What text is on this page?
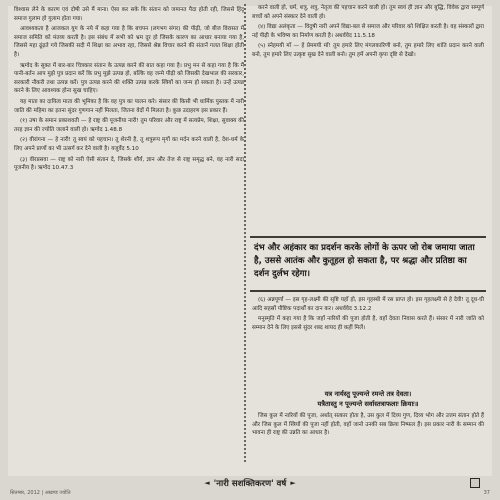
विश्वास लेने के कारण एवं दोषी उसे मैं माना। ऐसा कर सके कि संतान को जमानत पैदा होती रही, जिससे हिंदू समाज गुलाम हो गुलाम होता गया।

आवश्यकता है आजकल युग के नये में कहा गया है कि बचपन (लगभग संगर) की पीढ़ी, जो बीज विरासत में समाज समिति को मंतव्य करती है। इस संबंध में सभी को भ्रम दूर हो जिसके कारण का आधार बनाया गया है, जिससे महा ढूंढ़ते गये जिसकी सदी में शिक्षा का अभाव रहा, जिससे श्रेष्ठ विचार करने की संतानें गलत शिक्षा होती है।

ऋग्वेद के सूक्त में बार-बार चित्रकार संतान के उत्पन्न करने की बात कहा गया है। प्रभु मन से कहा गया है कि मैं पानी-बर्तन आप मुझे पुत्र प्रदान करें कि प्रभु मुझे उत्पन्न हो, बल्कि वह जन्मे पीढ़ी को जिसकी देखभाल की सरकार, सरकारी नौकरी तथा उत्पन्न करें। पुत्र उत्पन्न करने की शक्ति उत्पन्न करके स्त्रियों का जन्म हो सकता है। उन्हें उत्पन्न करने के लिए आवश्यक होना सुख चाहिए।

यह माता का दायित्व माता की भूमिका है कि वह पुत्र का पालन करे। संसार की किसी भी धार्मिक पुस्तक में नारी जाति की महिमा का इतना सुंदर गुणगान नहीं मिलता, जितना वेदों में मिलता है। कुछ उदाहरण इस प्रकार हैं।

(१) उषा के समान प्रकाशवती — हे राष्ट्र की पूजनीया नारी! तुम परिवार और राष्ट्र में सत्यप्रेम, शिक्षा, सुवाक्य की तरह ज्ञान की ज्योति जलाने वाली हो। ऋग्वेद 1.48.8

(२) वीरांगना — हे नारी! तू स्वयं को पहचान। तू शेरनी है, तू शत्रुरूप मृगों का मर्दन करने वाली है, देश-धर्म के लिए अपने प्राणों का भी उत्सर्ग कर देने वाली है। यजुर्वेद 5.10

(३) वीरप्रसवा — राष्ट्र को नारी ऐसी संतान दे, जिसके शौर्य, ज्ञान और तेज से राष्ट्र समृद्ध बने, वह नारी सदा पूजनीय है। ऋग्वेद 10.47.3

करने वाली हो, धर्म, शत्रु, शत्रु, नेतृत्व की पहचान करने वाली हो। तुम स्वयं ही ज्ञान और बुद्धि, विवेक द्वारा सम्पूर्ण बच्चों को अपने संस्कार देने वाली हो।

(४) विद्या अलंकृता — विदुषी नारी अपने विद्या-बल से समाज और परिवार को शिक्षित करती है। वह संस्कारों द्वारा नई पीढ़ी के भविष्य का निर्माण करती है। अथर्ववेद 11.5.18

(५) स्नेहमयी माँ — हे प्रेममयी माँ! तुम हमारे लिए मंगलकारिणी बनो, तुम हमारे लिए शांति प्रदान करने वाली बनो, तुम हमारे लिए उत्कृष्ट सुख देने वाली बनो। तुम हमें अपनी कृपा दृष्टि से देखो।

दंभ और अहंकार का प्रदर्शन करके लोगों के ऊपर जो रोब जमाया जाता है, उससे आतंक और कुतूहल हो सकता है, पर श्रद्धा और प्रतिष्ठा का दर्शन दुर्लभ रहेगा।

(६) अन्नपूर्णा — इस गृह-लक्ष्मी की सृष्टि यहाँ हो, इस गृहस्थी में रस प्राप्त हो। इस गृहलक्ष्मी से हे देवी! तू दूध-घी आदि सहस्रों पौष्टिक पदार्थों का दान कर। अथर्ववेद 3.12.2

मनुस्मृति में कहा गया है कि जहाँ नारियों की पूजा होती है, वहाँ देवता निवास करते हैं। संसार में नारी जाति को सम्मान देने के लिए इससे सुंदर शब्द शायद ही कहीं मिलें।

यत्र नार्यस्तु पूज्यन्ते रमन्ते तत्र देवता।
यत्रैतास्तु न पूज्यन्ते सर्वास्तत्राफलाः क्रियाः॥

जिस कुल में नारियों की पूजा, अर्थात् सत्कार होता है, उस कुल में दिव्य गुण, दिव्य भोग और उत्तम संतान होते हैं और जिस कुल में स्त्रियों की पूजा नहीं होती, वहाँ जानो उनकी सब क्रिया निष्फल हैं। इस प्रकार नारी के सम्मान की भावना ही राष्ट्र की उन्नति का आधार है।

◄ 'नारी सशक्तिकरण' वर्ष ►
सितम्बर, 2012 | अखण्ड ज्योति	37
